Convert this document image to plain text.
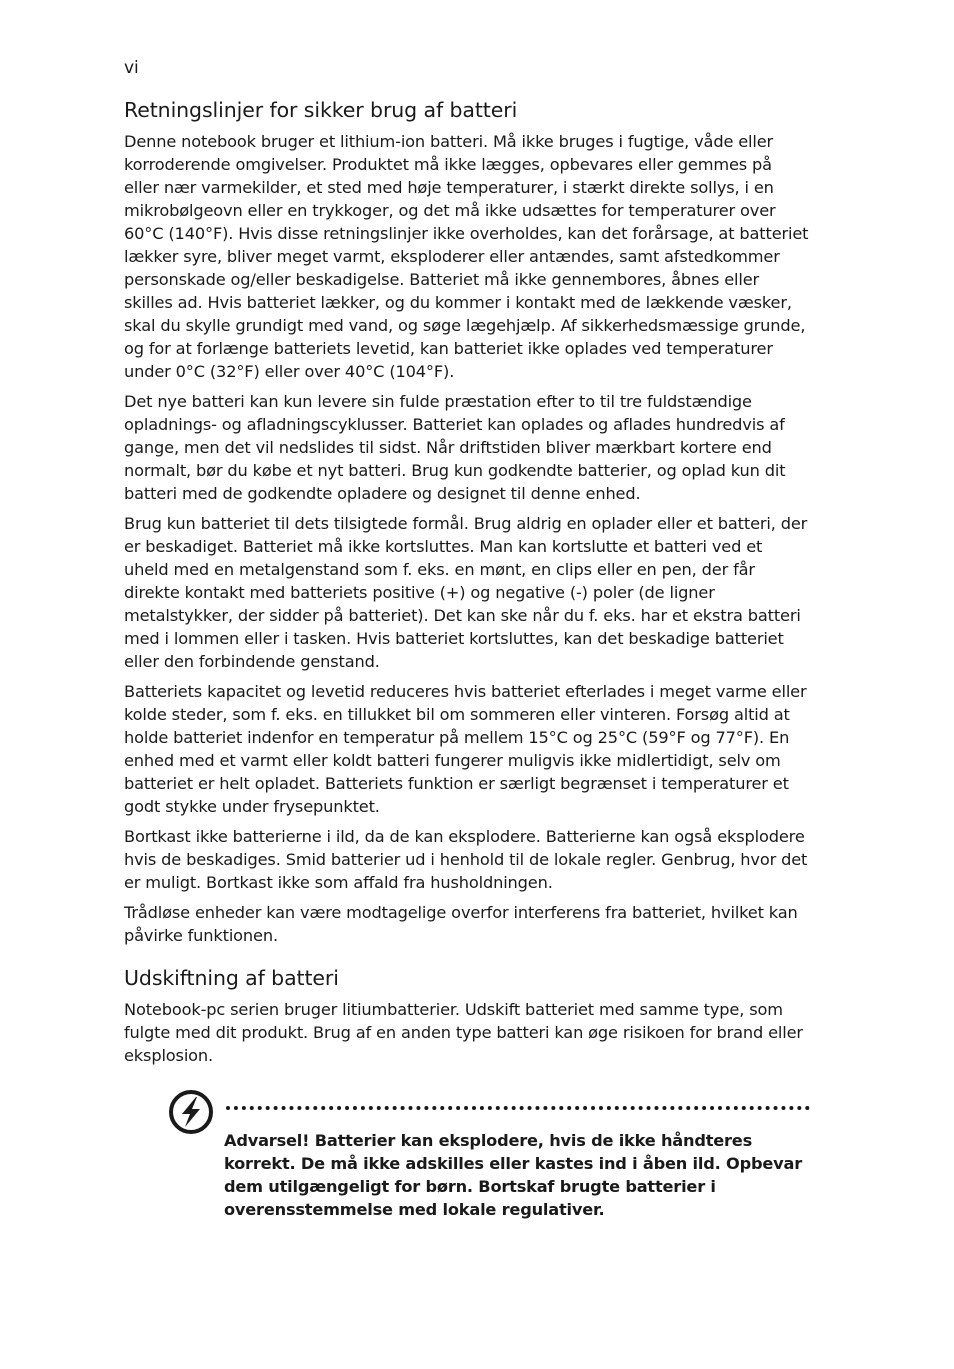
vi
Retningslinjer for sikker brug af batteri

Denne notebook bruger et lithium-ion batteri. Må ikke bruges i fugtige, våde eller korroderende omgivelser. Produktet må ikke lægges, opbevares eller gemmes på eller nær varmekilder, et sted med høje temperaturer, i stærkt direkte sollys, i en mikrobølgeovn eller en trykkoger, og det må ikke udsættes for temperaturer over 60°C (140°F). Hvis disse retningslinjer ikke overholdes, kan det forårsage, at batteriet lækker syre, bliver meget varmt, eksploderer eller antændes, samt afstedkommer personskade og/eller beskadigelse. Batteriet må ikke gennembores, åbnes eller skilles ad. Hvis batteriet lækker, og du kommer i kontakt med de lækkende væsker, skal du skylle grundigt med vand, og søge lægehjælp. Af sikkerhedsmæssige grunde, og for at forlænge batteriets levetid, kan batteriet ikke oplades ved temperaturer under 0°C (32°F) eller over 40°C (104°F).

Det nye batteri kan kun levere sin fulde præstation efter to til tre fuldstændige opladnings- og afladningscyklusser. Batteriet kan oplades og aflades hundredvis af gange, men det vil nedslides til sidst. Når driftstiden bliver mærkbart kortere end normalt, bør du købe et nyt batteri. Brug kun godkendte batterier, og oplad kun dit batteri med de godkendte opladere og designet til denne enhed.

Brug kun batteriet til dets tilsigtede formål. Brug aldrig en oplader eller et batteri, der er beskadiget. Batteriet må ikke kortsluttes. Man kan kortslutte et batteri ved et uheld med en metalgenstand som f. eks. en mønt, en clips eller en pen, der får direkte kontakt med batteriets positive (+) og negative (-) poler (de ligner metalstykker, der sidder på batteriet). Det kan ske når du f. eks. har et ekstra batteri med i lommen eller i tasken. Hvis batteriet kortsluttes, kan det beskadige batteriet eller den forbindende genstand.

Batteriets kapacitet og levetid reduceres hvis batteriet efterlades i meget varme eller kolde steder, som f. eks. en tillukket bil om sommeren eller vinteren. Forsøg altid at holde batteriet indenfor en temperatur på mellem 15°C og 25°C (59°F og 77°F). En enhed med et varmt eller koldt batteri fungerer muligvis ikke midlertidigt, selv om batteriet er helt opladet. Batteriets funktion er særligt begrænset i temperaturer et godt stykke under frysepunktet.

Bortkast ikke batterierne i ild, da de kan eksplodere. Batterierne kan også eksplodere hvis de beskadiges. Smid batterier ud i henhold til de lokale regler. Genbrug, hvor det er muligt. Bortkast ikke som affald fra husholdningen.

Trådløse enheder kan være modtagelige overfor interferens fra batteriet, hvilket kan påvirke funktionen.

Udskiftning af batteri

Notebook-pc serien bruger litiumbatterier. Udskift batteriet med samme type, som fulgte med dit produkt. Brug af en anden type batteri kan øge risikoen for brand eller eksplosion.

Advarsel! Batterier kan eksplodere, hvis de ikke håndteres korrekt. De må ikke adskilles eller kastes ind i åben ild. Opbevar dem utilgængeligt for børn. Bortskaf brugte batterier i overensstemmelse med lokale regulativer.
